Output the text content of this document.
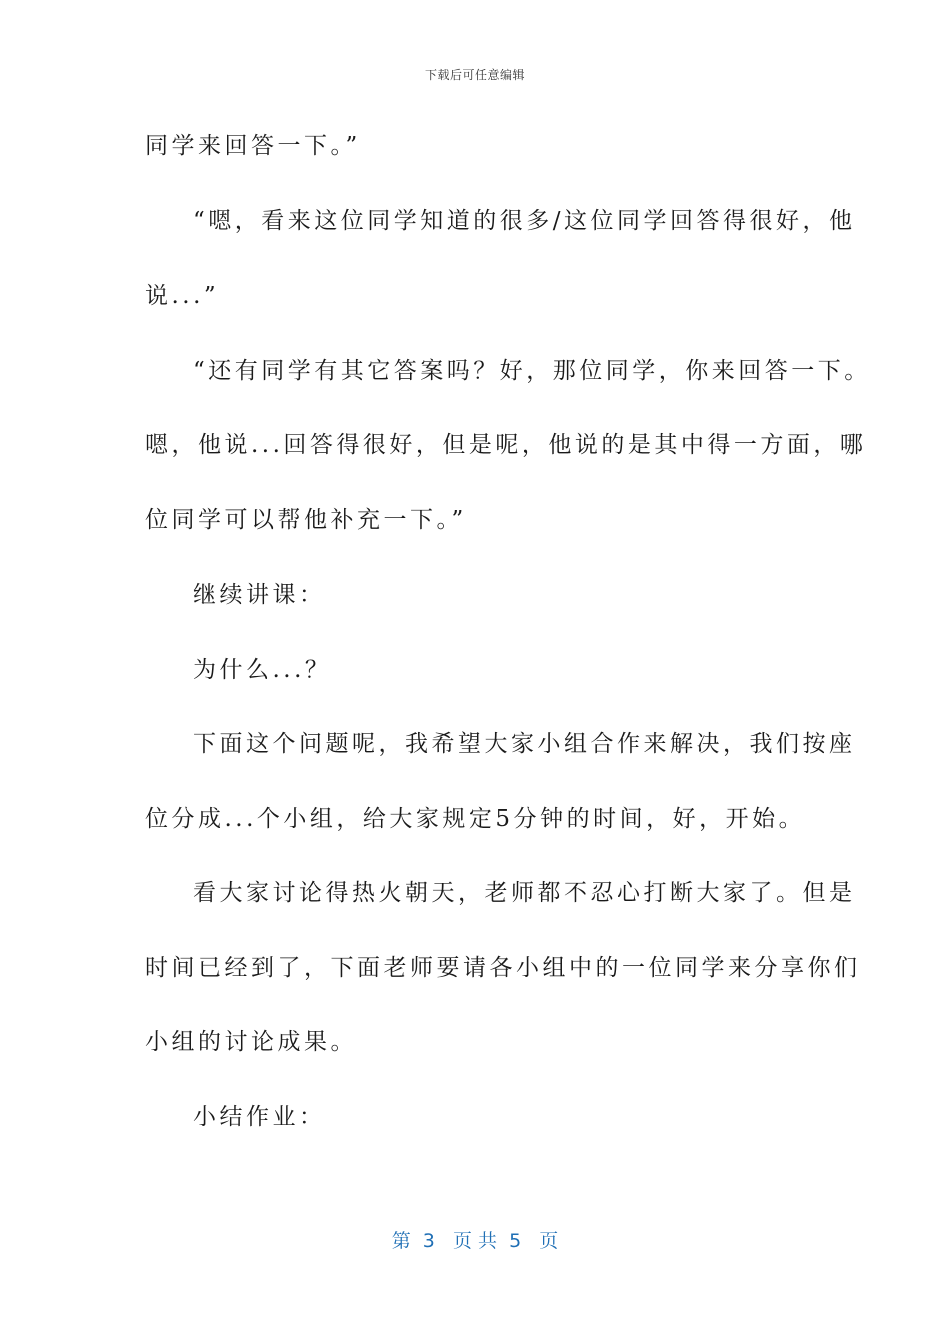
下载后可任意编辑
同学来回答一下。”
“嗯，看来这位同学知道的很多/这位同学回答得很好，他
说...”
“还有同学有其它答案吗？好，那位同学，你来回答一下。
嗯，他说...回答得很好，但是呢，他说的是其中得一方面，哪
位同学可以帮他补充一下。”
继续讲课：
为什么...？
下面这个问题呢，我希望大家小组合作来解决，我们按座
位分成...个小组，给大家规定5分钟的时间，好，开始。
看大家讨论得热火朝天，老师都不忍心打断大家了。但是
时间已经到了，下面老师要请各小组中的一位同学来分享你们
小组的讨论成果。
小结作业：
第  3   页 共  5   页
